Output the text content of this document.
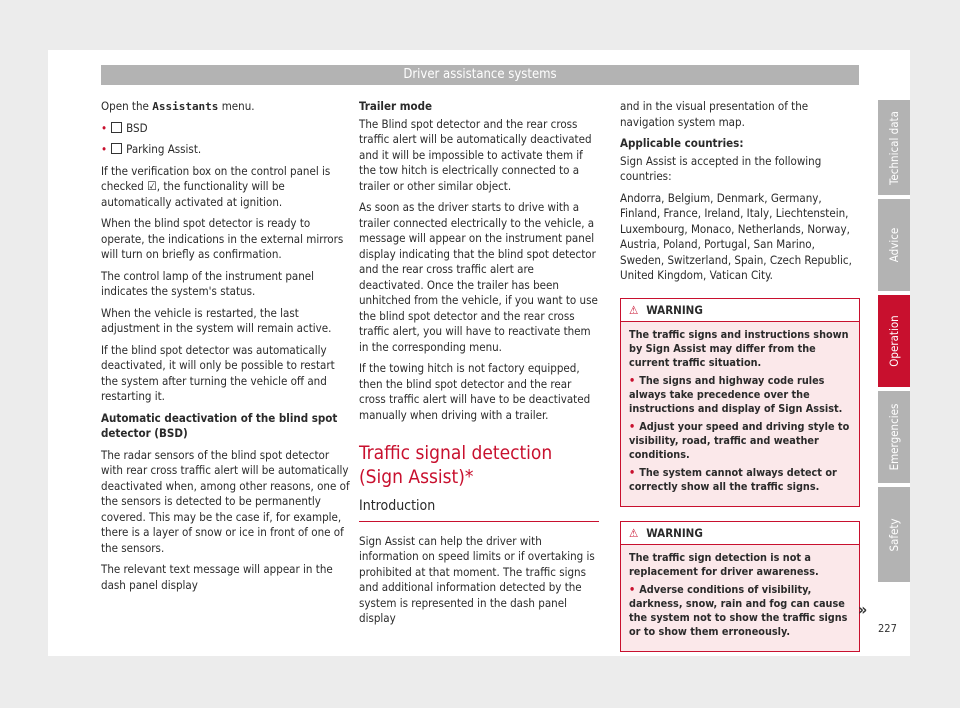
Driver assistance systems

Open the Assistants menu.

• BSD

• Parking Assist.

If the verification box on the control panel is checked ☑, the functionality will be automatically activated at ignition.

When the blind spot detector is ready to operate, the indications in the external mirrors will turn on briefly as confirmation.

The control lamp of the instrument panel indicates the system's status.

When the vehicle is restarted, the last adjustment in the system will remain active.

If the blind spot detector was automatically deactivated, it will only be possible to restart the system after turning the vehicle off and restarting it.

Automatic deactivation of the blind spot detector (BSD)

The radar sensors of the blind spot detector with rear cross traffic alert will be automatically deactivated when, among other reasons, one of the sensors is detected to be permanently covered. This may be the case if, for example, there is a layer of snow or ice in front of one of the sensors.

The relevant text message will appear in the dash panel display

Trailer mode

The Blind spot detector and the rear cross traffic alert will be automatically deactivated and it will be impossible to activate them if the tow hitch is electrically connected to a trailer or other similar object.

As soon as the driver starts to drive with a trailer connected electrically to the vehicle, a message will appear on the instrument panel display indicating that the blind spot detector and the rear cross traffic alert are deactivated. Once the trailer has been unhitched from the vehicle, if you want to use the blind spot detector and the rear cross traffic alert, you will have to reactivate them in the corresponding menu.

If the towing hitch is not factory equipped, then the blind spot detector and the rear cross traffic alert will have to be deactivated manually when driving with a trailer.

Traffic signal detection (Sign Assist)*
Introduction

Sign Assist can help the driver with information on speed limits or if overtaking is prohibited at that moment. The traffic signs and additional information detected by the system is represented in the dash panel display

and in the visual presentation of the navigation system map.

Applicable countries:

Sign Assist is accepted in the following countries:

Andorra, Belgium, Denmark, Germany, Finland, France, Ireland, Italy, Liechtenstein, Luxembourg, Monaco, Netherlands, Norway, Austria, Poland, Portugal, San Marino, Sweden, Switzerland, Spain, Czech Republic, United Kingdom, Vatican City.

⚠ WARNING

The traffic signs and instructions shown by Sign Assist may differ from the current traffic situation.

• The signs and highway code rules always take precedence over the instructions and display of Sign Assist.

• Adjust your speed and driving style to visibility, road, traffic and weather conditions.

• The system cannot always detect or correctly show all the traffic signs.

⚠ WARNING

The traffic sign detection is not a replacement for driver awareness.

• Adverse conditions of visibility, darkness, snow, rain and fog can cause the system not to show the traffic signs or to show them erroneously.

Technical data
Advice
Operation
Emergencies
Safety
»
227
